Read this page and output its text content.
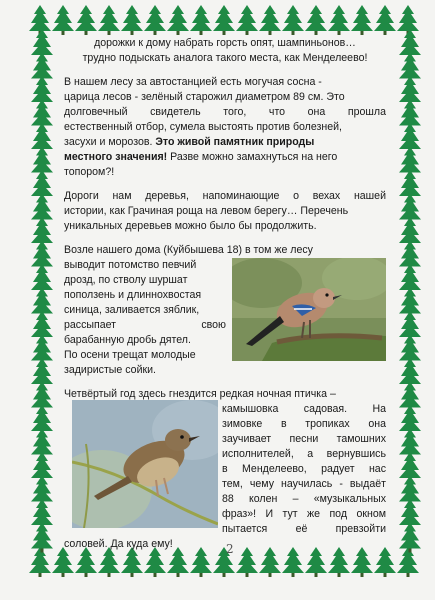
дорожки к дому набрать горсть опят, шампиньонов…

трудно подыскать аналога такого места, как Менделеево!

В нашем лесу за автостанцией есть могучая сосна -

царица лесов - зелёный старожил диаметром 89 см. Это

долговечный свидетель того, что она прошла

естественный отбор, сумела выстоять против болезней,

засухи и морозов. Это живой памятник природы

местного значения! Разве можно замахнуться на него

топором?!

Дороги нам деревья, напоминающие о вехах нашей

истории, как Грачиная роща на левом берегу… Перечень

уникальных деревьев можно было бы продолжить.

Возле нашего дома (Куйбышева 18) в том же лесу

выводит потомство певчий

дрозд, по стволу шуршат

поползень и длиннохвостая

синица, заливается зяблик,

рассыпает свою

барабанную дробь дятел.

По осени трещат молодые

задиристые сойки.

Четвёртый год здесь гнездится редкая ночная птичка –

камышовка садовая. На

зимовке в тропиках она

заучивает песни тамошних

исполнителей, а вернувшись

в Менделеево, радует нас

тем, чему научилась - выдаёт

88 колен – «музыкальных

фраз»! И тут же под окном

пытается её превзойти

соловей. Да куда ему!	2
